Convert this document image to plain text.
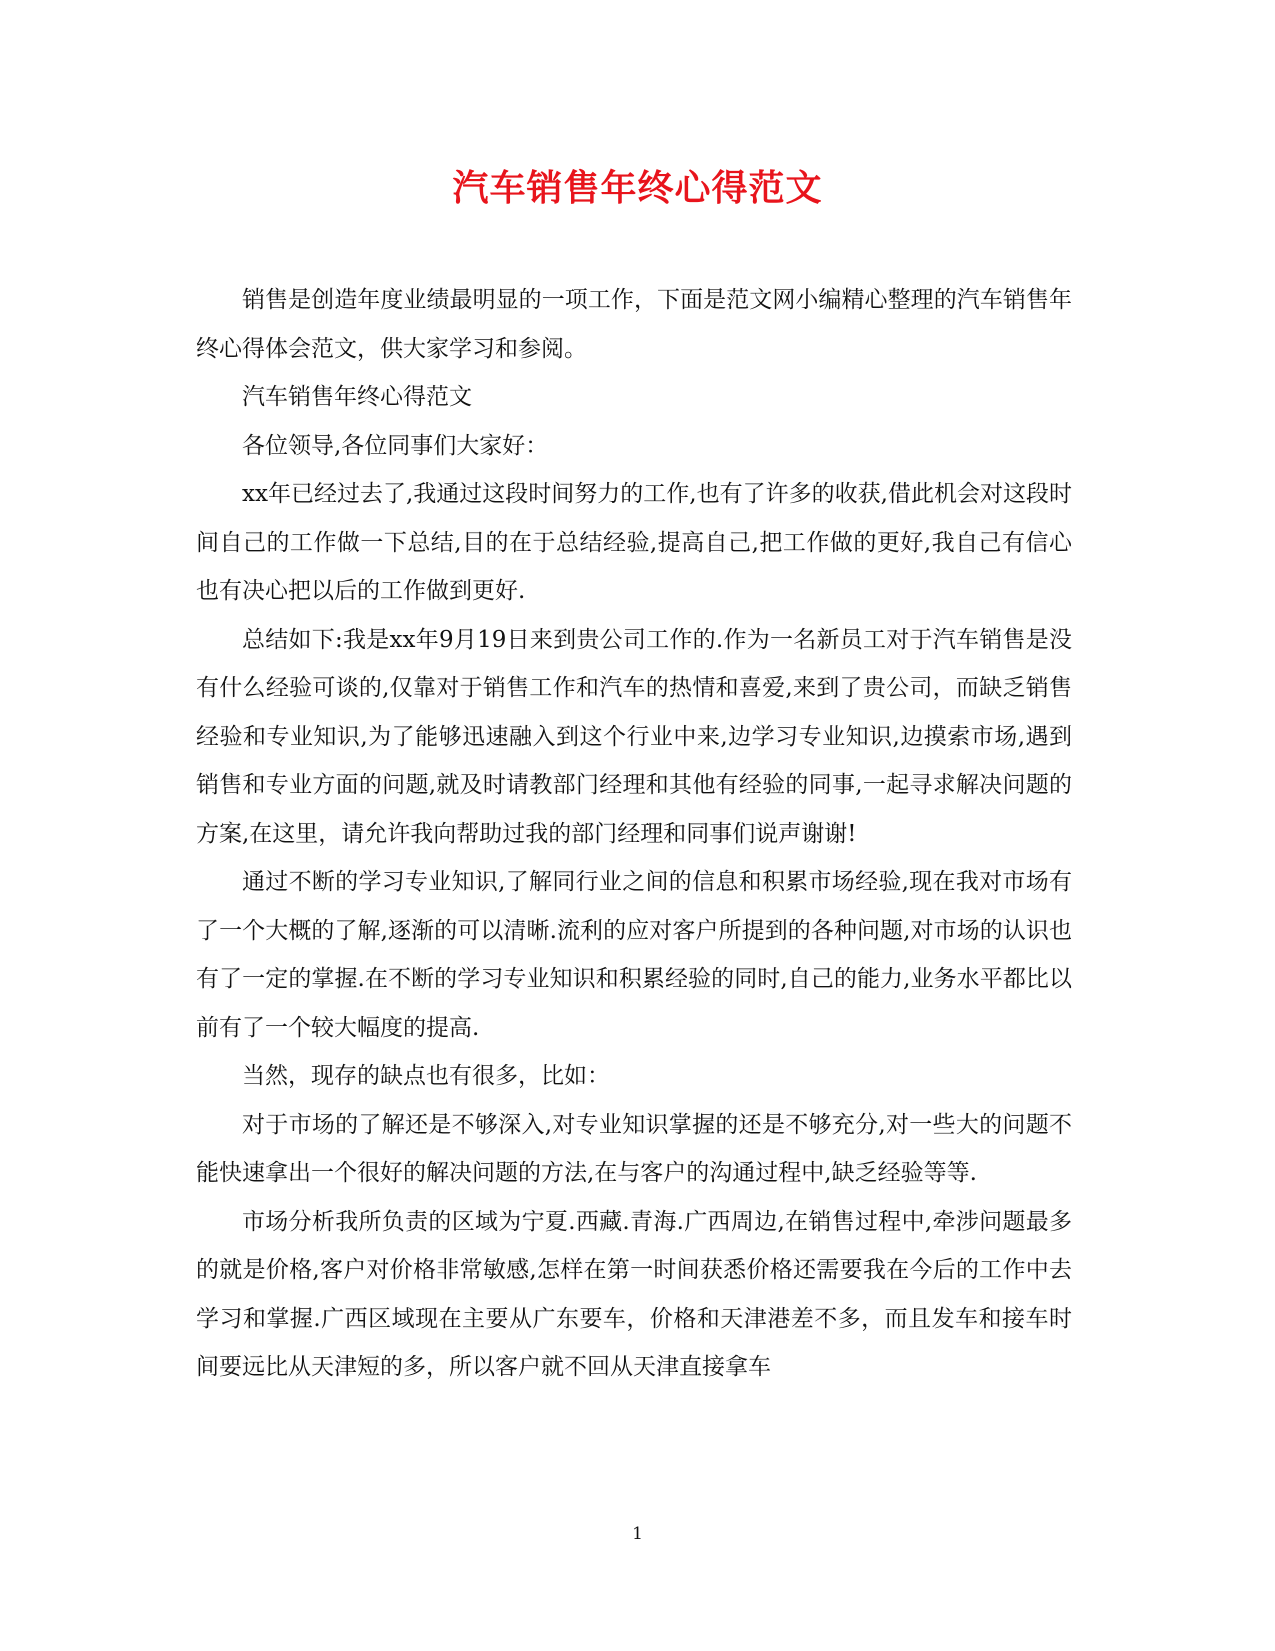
汽车销售年终心得范文

销售是创造年度业绩最明显的一项工作，下面是范文网小编精心整理的汽车销售年终心得体会范文，供大家学习和参阅。

汽车销售年终心得范文

各位领导,各位同事们大家好：

xx年已经过去了,我通过这段时间努力的工作,也有了许多的收获,借此机会对这段时间自己的工作做一下总结,目的在于总结经验,提高自己,把工作做的更好,我自己有信心也有决心把以后的工作做到更好.

总结如下:我是xx年9月19日来到贵公司工作的.作为一名新员工对于汽车销售是没有什么经验可谈的,仅靠对于销售工作和汽车的热情和喜爱,来到了贵公司，而缺乏销售经验和专业知识,为了能够迅速融入到这个行业中来,边学习专业知识,边摸索市场,遇到销售和专业方面的问题,就及时请教部门经理和其他有经验的同事,一起寻求解决问题的方案,在这里，请允许我向帮助过我的部门经理和同事们说声谢谢!

通过不断的学习专业知识,了解同行业之间的信息和积累市场经验,现在我对市场有了一个大概的了解,逐渐的可以清晰.流利的应对客户所提到的各种问题,对市场的认识也有了一定的掌握.在不断的学习专业知识和积累经验的同时,自己的能力,业务水平都比以前有了一个较大幅度的提高.

当然，现存的缺点也有很多，比如：

对于市场的了解还是不够深入,对专业知识掌握的还是不够充分,对一些大的问题不能快速拿出一个很好的解决问题的方法,在与客户的沟通过程中,缺乏经验等等.

市场分析我所负责的区域为宁夏.西藏.青海.广西周边,在销售过程中,牵涉问题最多的就是价格,客户对价格非常敏感,怎样在第一时间获悉价格还需要我在今后的工作中去学习和掌握.广西区域现在主要从广东要车，价格和天津港差不多，而且发车和接车时间要远比从天津短的多，所以客户就不回从天津直接拿车

1
